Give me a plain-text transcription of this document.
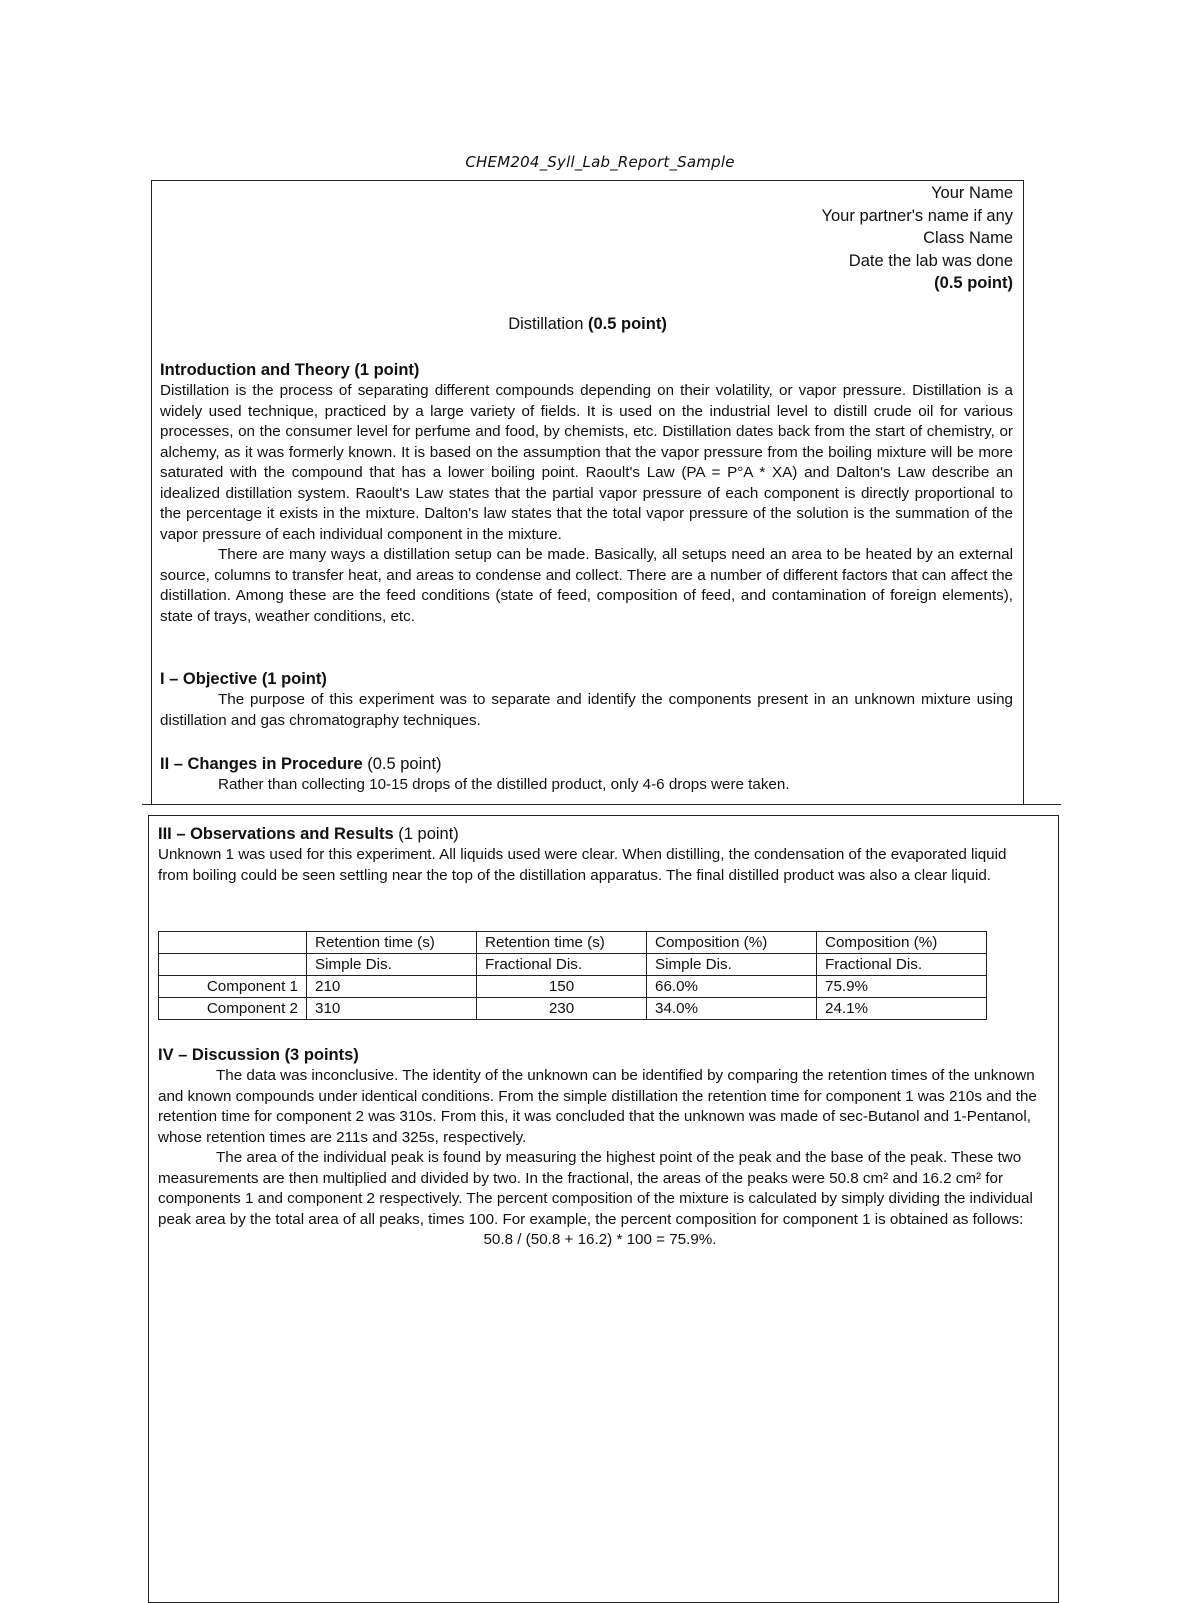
CHEM204_Syll_Lab_Report_Sample
Your Name
Your partner's name if any
Class Name
Date the lab was done
(0.5 point)
Distillation (0.5 point)
Introduction and Theory (1 point)

Distillation is the process of separating different compounds depending on their volatility, or vapor pressure. Distillation is a widely used technique, practiced by a large variety of fields. It is used on the industrial level to distill crude oil for various processes, on the consumer level for perfume and food, by chemists, etc. Distillation dates back from the start of chemistry, or alchemy, as it was formerly known. It is based on the assumption that the vapor pressure from the boiling mixture will be more saturated with the compound that has a lower boiling point. Raoult's Law (PA = P°A * XA) and Dalton's Law describe an idealized distillation system. Raoult's Law states that the partial vapor pressure of each component is directly proportional to the percentage it exists in the mixture. Dalton's law states that the total vapor pressure of the solution is the summation of the vapor pressure of each individual component in the mixture.

There are many ways a distillation setup can be made. Basically, all setups need an area to be heated by an external source, columns to transfer heat, and areas to condense and collect. There are a number of different factors that can affect the distillation. Among these are the feed conditions (state of feed, composition of feed, and contamination of foreign elements), state of trays, weather conditions, etc.

I – Objective (1 point)

The purpose of this experiment was to separate and identify the components present in an unknown mixture using distillation and gas chromatography techniques.

II – Changes in Procedure (0.5 point)

Rather than collecting 10-15 drops of the distilled product, only 4-6 drops were taken.

III – Observations and Results (1 point)

Unknown 1 was used for this experiment. All liquids used were clear. When distilling, the condensation of the evaporated liquid from boiling could be seen settling near the top of the distillation apparatus. The final distilled product was also a clear liquid.

	Retention time (s)	Retention time (s)	Composition (%)	Composition (%)
	Simple Dis.	Fractional Dis.	Simple Dis.	Fractional Dis.
Component 1	210	150	66.0%	75.9%
Component 2	310	230	34.0%	24.1%
IV – Discussion (3 points)

The data was inconclusive. The identity of the unknown can be identified by comparing the retention times of the unknown and known compounds under identical conditions. From the simple distillation the retention time for component 1 was 210s and the retention time for component 2 was 310s. From this, it was concluded that the unknown was made of sec-Butanol and 1-Pentanol, whose retention times are 211s and 325s, respectively.

The area of the individual peak is found by measuring the highest point of the peak and the base of the peak. These two measurements are then multiplied and divided by two. In the fractional, the areas of the peaks were 50.8 cm² and 16.2 cm² for components 1 and component 2 respectively. The percent composition of the mixture is calculated by simply dividing the individual peak area by the total area of all peaks, times 100. For example, the percent composition for component 1 is obtained as follows:

50.8 / (50.8 + 16.2) * 100 = 75.9%.
